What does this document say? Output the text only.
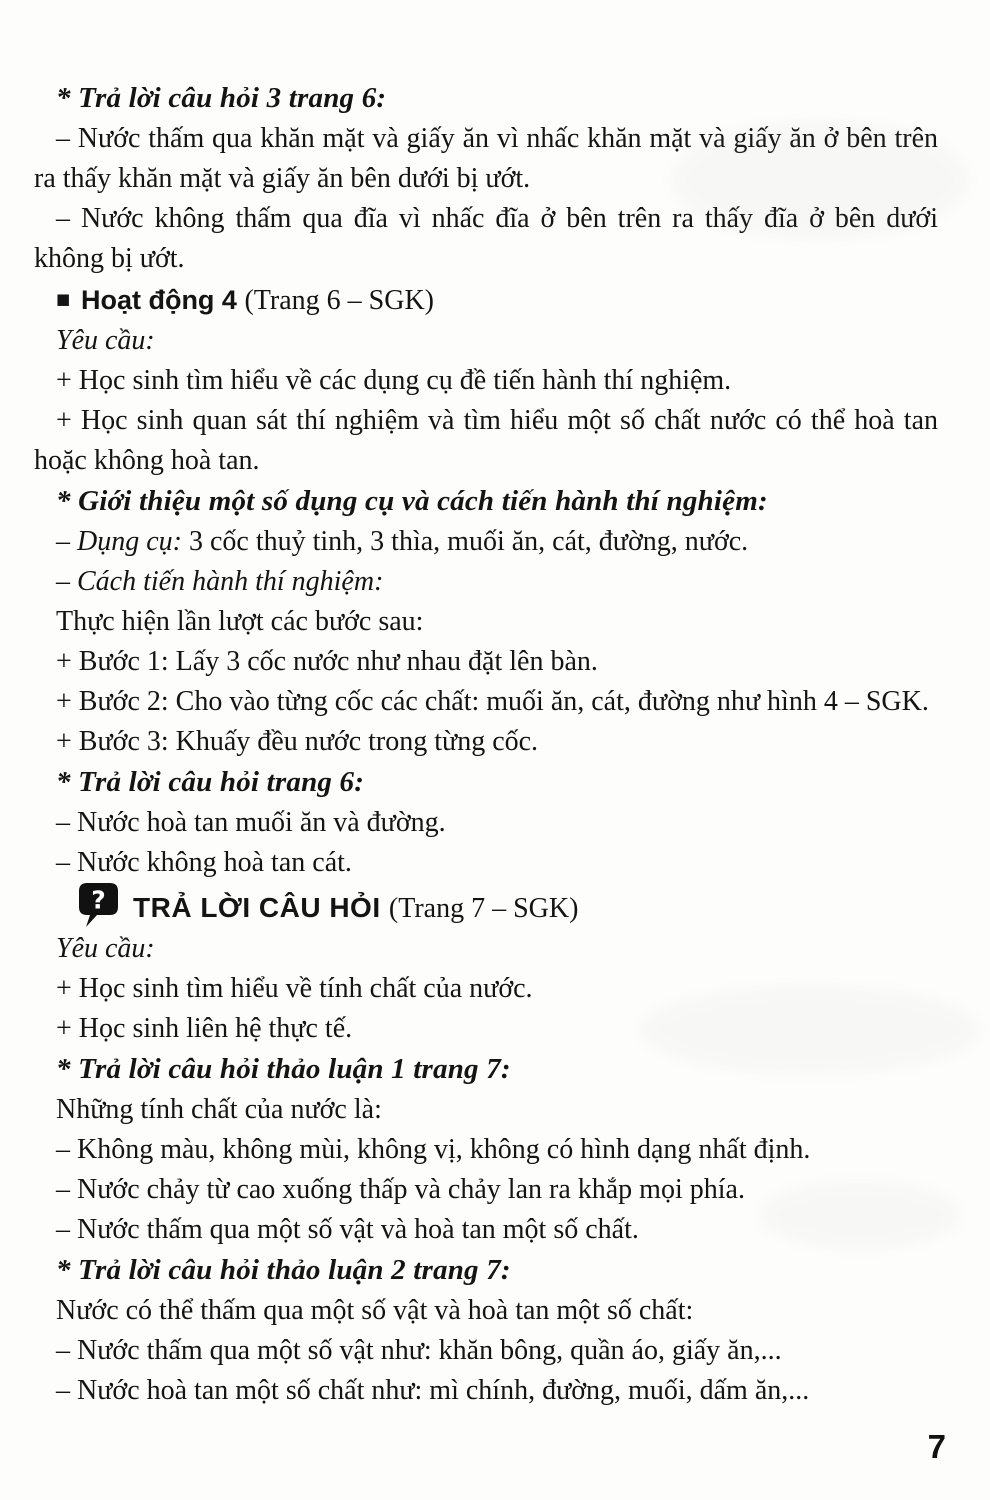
* Trả lời câu hỏi 3 trang 6:

– Nước thấm qua khăn mặt và giấy ăn vì nhấc khăn mặt và giấy ăn ở bên trên ra thấy khăn mặt và giấy ăn bên dưới bị ướt.

– Nước không thấm qua đĩa vì nhấc đĩa ở bên trên ra thấy đĩa ở bên dưới không bị ướt.

■ Hoạt động 4 (Trang 6 – SGK)

Yêu cầu:

+ Học sinh tìm hiểu về các dụng cụ đề tiến hành thí nghiệm.

+ Học sinh quan sát thí nghiệm và tìm hiểu một số chất nước có thể hoà tan hoặc không hoà tan.

* Giới thiệu một số dụng cụ và cách tiến hành thí nghiệm:

– Dụng cụ: 3 cốc thuỷ tinh, 3 thìa, muối ăn, cát, đường, nước.

– Cách tiến hành thí nghiệm:

Thực hiện lần lượt các bước sau:

+ Bước 1: Lấy 3 cốc nước như nhau đặt lên bàn.

+ Bước 2: Cho vào từng cốc các chất: muối ăn, cát, đường như hình 4 – SGK.

+ Bước 3: Khuấy đều nước trong từng cốc.

* Trả lời câu hỏi trang 6:

– Nước hoà tan muối ăn và đường.

– Nước không hoà tan cát.

? TRẢ LỜI CÂU HỎI (Trang 7 – SGK)

Yêu cầu:

+ Học sinh tìm hiểu về tính chất của nước.

+ Học sinh liên hệ thực tế.

* Trả lời câu hỏi thảo luận 1 trang 7:

Những tính chất của nước là:

– Không màu, không mùi, không vị, không có hình dạng nhất định.

– Nước chảy từ cao xuống thấp và chảy lan ra khắp mọi phía.

– Nước thấm qua một số vật và hoà tan một số chất.

* Trả lời câu hỏi thảo luận 2 trang 7:

Nước có thể thấm qua một số vật và hoà tan một số chất:

– Nước thấm qua một số vật như: khăn bông, quần áo, giấy ăn,...

– Nước hoà tan một số chất như: mì chính, đường, muối, dấm ăn,...

7
